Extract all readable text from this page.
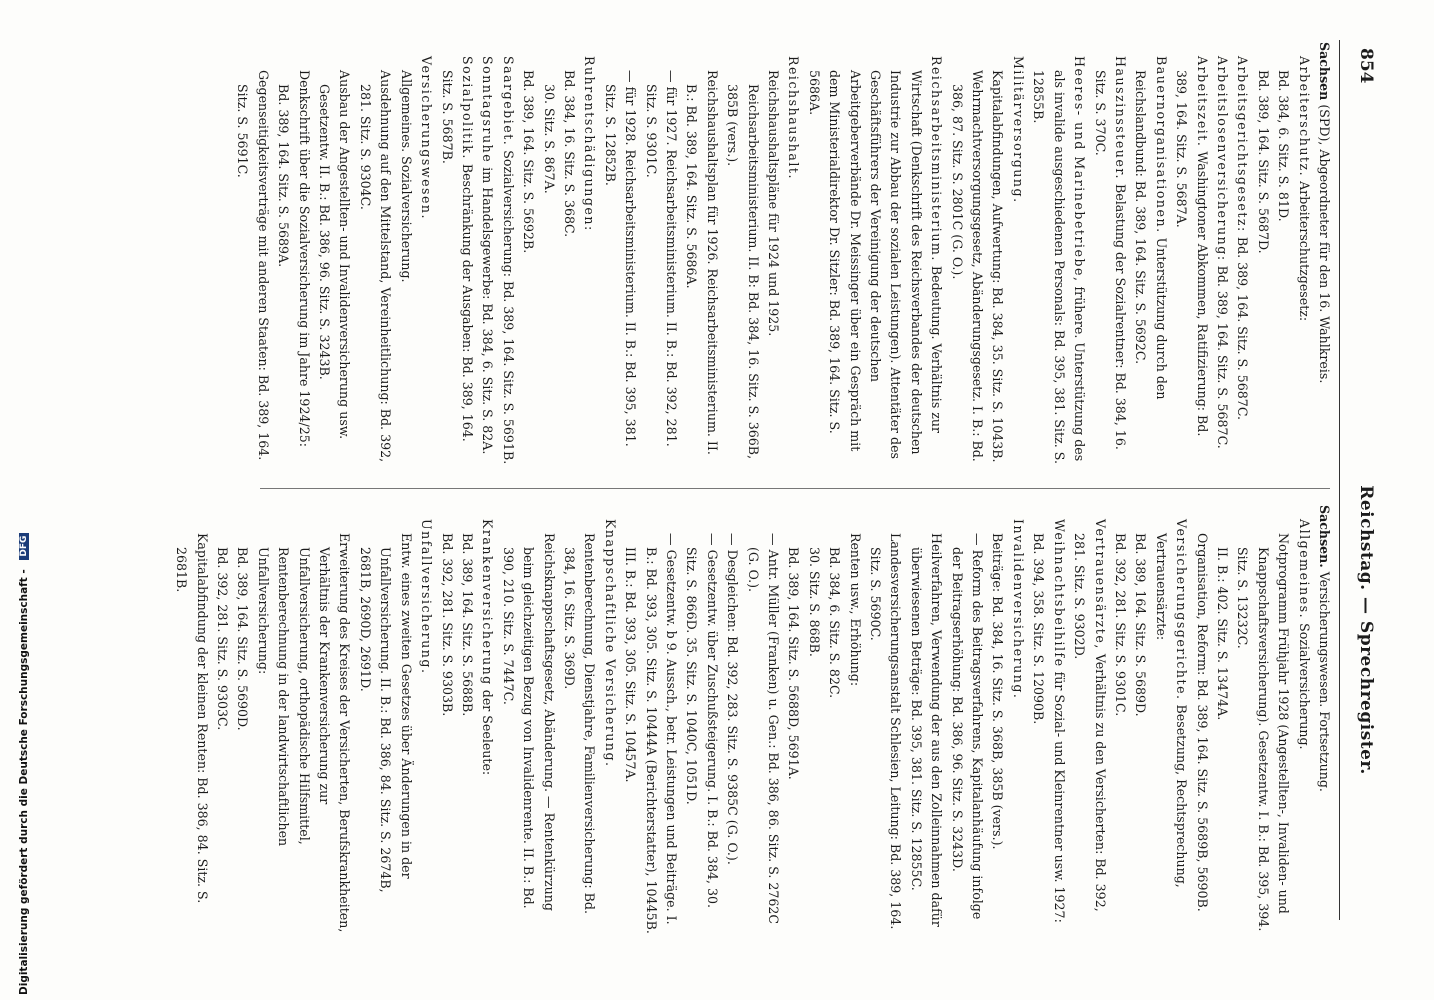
Digitalisierung gefördert durch die Deutsche Forschungsgemeinschaft - DFG
854
Reichstag. — Sprechregister.

Sachsen (SPD), Abgeordneter für den 16. Wahlkreis.

Arbeiterschutz. Arbeiterschutzgesetz:

Bd. 384, 6. Sitz. S. 81D.

Bd. 389, 164. Sitz. S. 5687D.

Arbeitsgerichtsgesetz: Bd. 389, 164. Sitz. S. 5687C.

Arbeitslosenversicherung: Bd. 389, 164. Sitz. S. 5687C.

Arbeitszeit. Washingtoner Abkommen, Ratifizierung: Bd. 389, 164. Sitz. S. 5687A.

Bauernorganisationen. Unterstützung durch den Reichslandbund: Bd. 389, 164. Sitz. S. 5692C.

Hauszinssteuer. Belastung der Sozialrentner: Bd. 384, 16. Sitz. S. 370C.

Heeres- und Marinebetriebe, frühere. Unterstützung des als invalide ausgeschiedenen Personals: Bd. 395, 381. Sitz. S. 12855B.

Militärversorgung.

Kapitalabfindungen, Aufwertung: Bd. 384, 35. Sitz. S. 1043B.

Wehrmachtversorgungsgesetz, Abänderungsgesetz. I. B.: Bd. 386, 87. Sitz. S. 2801C (G. O.).

Reichsarbeitsministerium. Bedeutung. Verhältnis zur Wirtschaft (Denkschrift des Reichsverbandes der deutschen Industrie zur Abbau der sozialen Leistungen). Attentäter des Geschäftsführers der Vereinigung der deutschen Arbeitgeberverbände Dr. Meissinger über ein Gespräch mit dem Ministerialdirektor Dr. Sitzler: Bd. 389, 164. Sitz. S. 5686A.

Reichshaushalt.

Reichshaushaltspläne für 1924 und 1925. Reichsarbeitsministerium. II. B: Bd. 384, 16. Sitz. S. 366B, 385B (vers.).

Reichshaushaltsplan für 1926. Reichsarbeitsministerium. II. B.: Bd. 389, 164. Sitz. S. 5686A.

— für 1927. Reichsarbeitsministerium. II. B.: Bd. 392, 281. Sitz. S. 9301C.

— für 1928. Reichsarbeitsministerium. II. B.: Bd. 395, 381. Sitz. S. 12852B.

Ruhrentschädigungen:

Bd. 384, 16. Sitz. S. 368C.

30. Sitz. S. 867A.

Bd. 389, 164. Sitz. S. 5692B.

Saargebiet. Sozialversicherung: Bd. 389, 164. Sitz. S. 5691B.

Sonntagsruhe im Handelsgewerbe: Bd. 384, 6. Sitz. S. 82A.

Sozialpolitik. Beschränkung der Ausgaben: Bd. 389, 164. Sitz. S. 5687B.

Versicherungswesen.

Allgemeines. Sozialversicherung.

Ausdehnung auf den Mittelstand, Vereinheitlichung: Bd. 392, 281. Sitz. S. 9304C.

Ausbau der Angestellten- und Invalidenversicherung usw. Gesetzentw. II. B.: Bd. 386, 96. Sitz. S. 3243B.

Denkschrift über die Sozialversicherung im Jahre 1924/25: Bd. 389, 164. Sitz. S. 5689A.

Gegenseitigkeitsverträge mit anderen Staaten: Bd. 389, 164. Sitz. S. 5691C.

Sachsen. Versicherungswesen. Fortsetzung.

Allgemeines. Sozialversicherung.

Notprogramm Frühjahr 1928 (Angestellten-, Invaliden- und Knappschaftsversicherung). Gesetzentw. I. B.: Bd. 395, 394. Sitz. S. 13232C.

II. B.: 402. Sitz. S. 13474A.

Organisation, Reform: Bd. 389, 164. Sitz. S. 5689B, 5690B.

Versicherungsgerichte. Besetzung, Rechtsprechung, Vertrauensärzte:

Bd. 389, 164. Sitz. S. 5689D.

Bd. 392, 281. Sitz. S. 9301C.

Vertrauensärzte, Verhältnis zu den Versicherten: Bd. 392, 281. Sitz. S. 9302D.

Weihnachtsbeihilfe für Sozial- und Kleinrentner usw. 1927: Bd. 394, 358. Sitz. S. 12090B.

Invalidenversicherung.

Beiträge: Bd. 384, 16. Sitz. S. 368B, 385B (vers.).

— Reform des Beitragsverfahrens, Kapitalanhäufung infolge der Beitragserhöhung: Bd. 386, 96. Sitz. S. 3243D.

Heilverfahren, Verwendung der aus den Zolleinnahmen dafür überwiesenen Beträge: Bd. 395, 381. Sitz. S. 12855C.

Landesversicherungsanstalt Schlesien, Leitung: Bd. 389, 164. Sitz. S. 5690C.

Renten usw., Erhöhung:

Bd. 384, 6. Sitz. S. 82C.

30. Sitz. S. 868B.

Bd. 389, 164. Sitz. S. 5688D, 5691A.

— Antr. Müller (Franken) u. Gen.: Bd. 386, 86. Sitz. S. 2762C (G. O.).

— Desgleichen: Bd. 392, 283. Sitz. S. 9385C (G. O.).

— Gesetzentw. über Zuschußsteigerung. I. B.: Bd. 384, 30. Sitz. S. 866D. 35. Sitz. S. 1040C, 1051D.

— Gesetzentw. b 9. Aussch., betr. Leistungen und Beiträge. I. B.: Bd. 393, 305. Sitz. S. 10444A (Berichterstatter), 10445B.

III. B.: Bd. 393, 305. Sitz. S. 10457A.

Knappschaftliche Versicherung.

Rentenberechnung, Dienstjahre, Familienversicherung: Bd. 384, 16. Sitz. S. 369D.

Reichsknappschaftsgesetz, Abänderung. — Rentenkürzung beim gleichzeitigen Bezug von Invalidenrente. II. B.: Bd. 390, 210. Sitz. S. 7447C.

Krankenversicherung der Seeleute:

Bd. 389, 164. Sitz. S. 5688B.

Bd. 392, 281. Sitz. S. 9303B.

Unfallversicherung.

Entw. eines zweiten Gesetzes über Änderungen in der Unfallversicherung. II. B.: Bd. 386, 84. Sitz. S. 2674B, 2681B, 2690D, 2691D.

Erweiterung des Kreises der Versicherten, Berufskrankheiten, Verhältnis der Krankenversicherung zur Unfallversicherung, orthopädische Hilfsmittel, Rentenberechnung in der landwirtschaftlichen Unfallversicherung:

Bd. 389, 164. Sitz. S. 5690D.

Bd. 392, 281. Sitz. S. 9303C.

Kapitalabfindung der kleinen Renten: Bd. 386, 84. Sitz. S. 2681B.
